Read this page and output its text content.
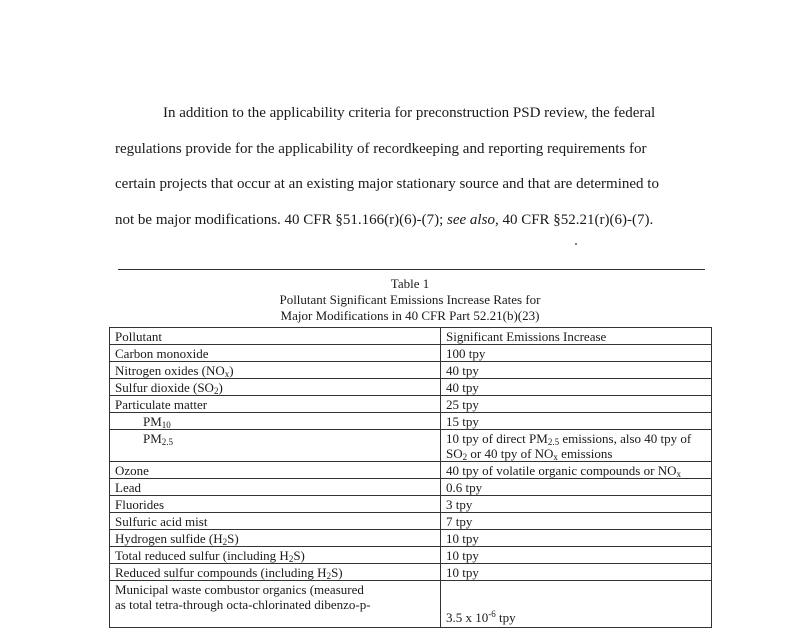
In addition to the applicability criteria for preconstruction PSD review, the federal
regulations provide for the applicability of recordkeeping and reporting requirements for
certain projects that occur at an existing major stationary source and that are determined to
not be major modifications. 40 CFR §51.166(r)(6)-(7); see also, 40 CFR §52.21(r)(6)-(7).
Table 1
Pollutant Significant Emissions Increase Rates for
Major Modifications in 40 CFR Part 52.21(b)(23)
Pollutant	Significant Emissions Increase
Carbon monoxide	100 tpy
Nitrogen oxides $(NO_x)$	40 tpy
Sulfur dioxide $(SO_2)$	40 tpy
Particulate matter	25 tpy
$PM_{10}$	15 tpy
$PM_{2.5}$	10 tpy of direct $PM_{2.5}$ emissions, also 40 tpy of
$SO_2$ or 40 tpy of $NO_x$ emissions
Ozone	40 tpy of volatile organic compounds or $NO_x$
Lead	0.6 tpy
Fluorides	3 tpy
Sulfuric acid mist	7 tpy
Hydrogen sulfide $(H_2S)$	10 tpy
Total reduced sulfur (including $H_2S$)	10 tpy
Reduced sulfur compounds (including $H_2S$)	10 tpy
Municipal waste combustor organics (measured
as total tetra-through octa-chlorinated dibenzo-p-	3.5 x $10^{-6}$ tpy
